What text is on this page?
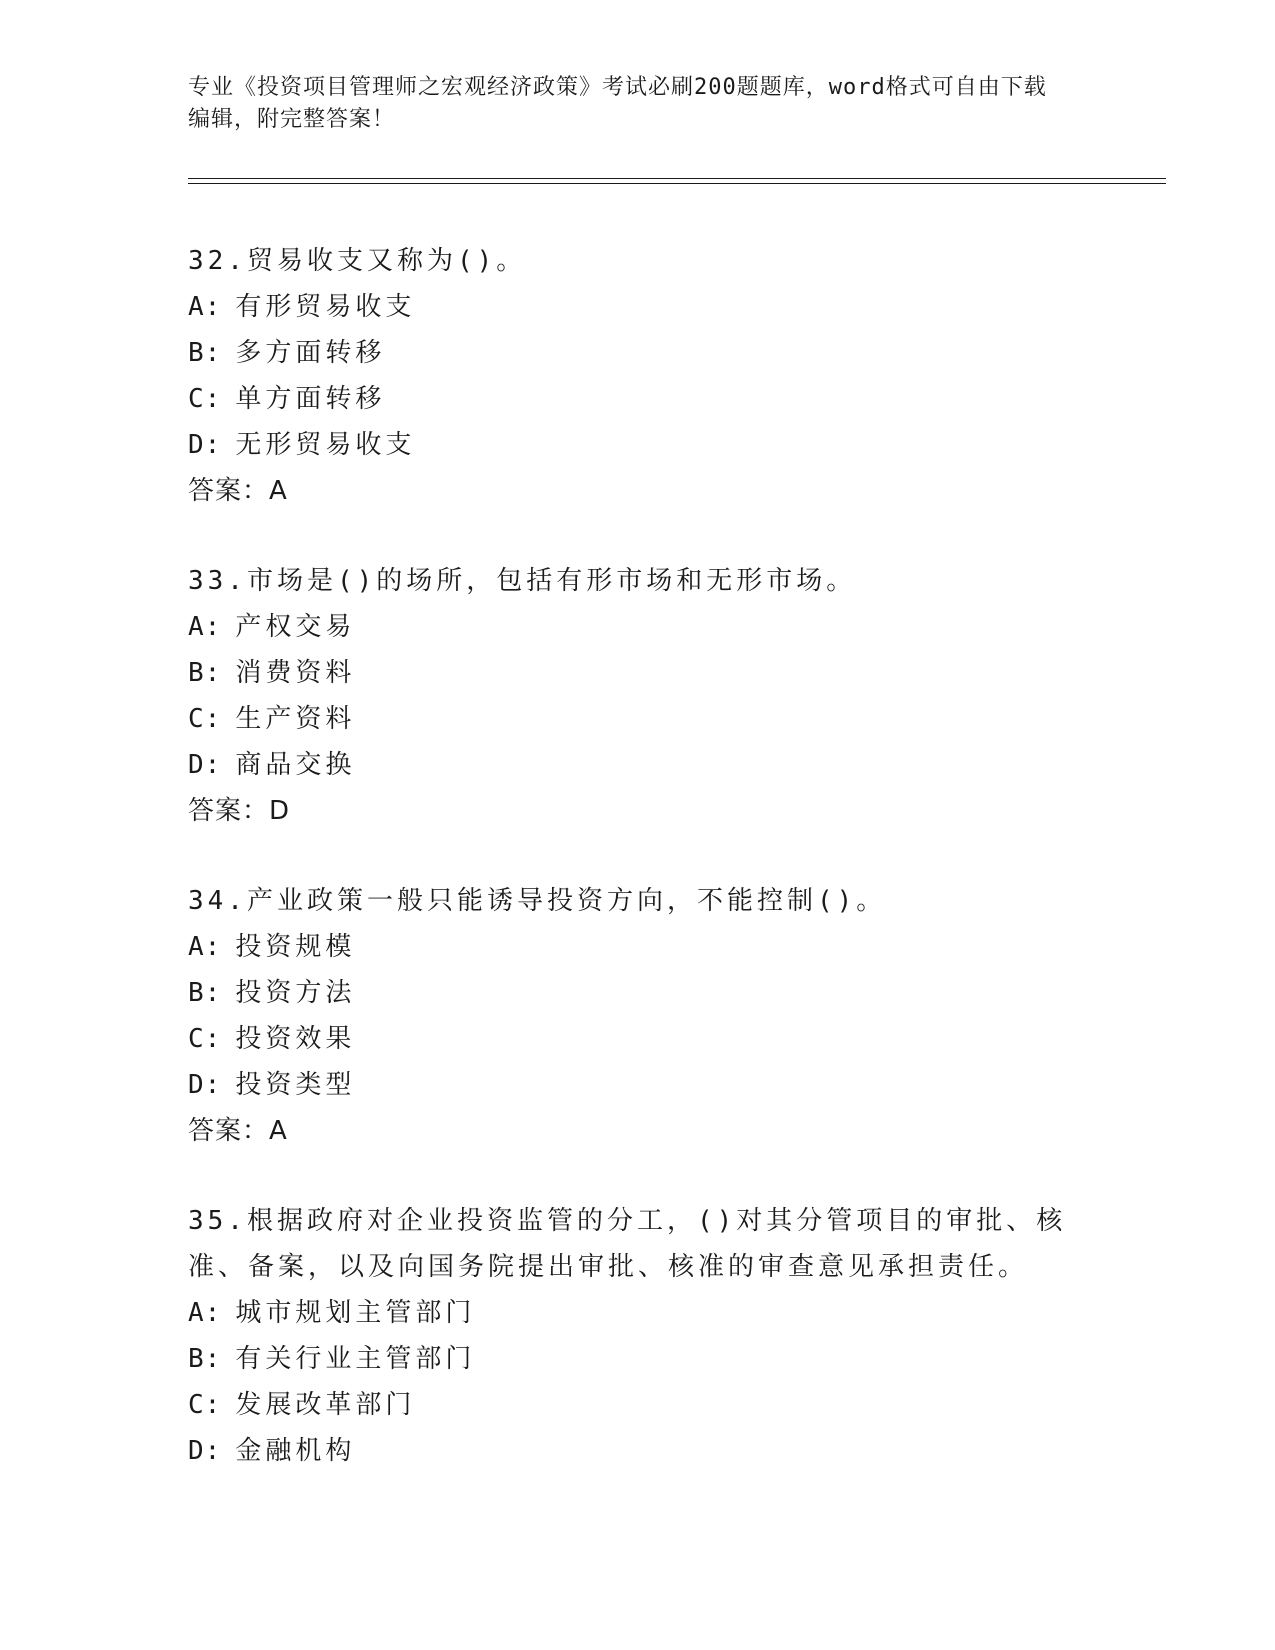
专业《投资项目管理师之宏观经济政策》考试必刷200题题库，word格式可自由下载编辑，附完整答案！
32.贸易收支又称为()。
A: 有形贸易收支
B: 多方面转移
C: 单方面转移
D: 无形贸易收支
答案：A
33.市场是()的场所，包括有形市场和无形市场。
A: 产权交易
B: 消费资料
C: 生产资料
D: 商品交换
答案：D
34.产业政策一般只能诱导投资方向，不能控制()。
A: 投资规模
B: 投资方法
C: 投资效果
D: 投资类型
答案：A
35.根据政府对企业投资监管的分工，()对其分管项目的审批、核准、备案，以及向国务院提出审批、核准的审查意见承担责任。
A: 城市规划主管部门
B: 有关行业主管部门
C: 发展改革部门
D: 金融机构
